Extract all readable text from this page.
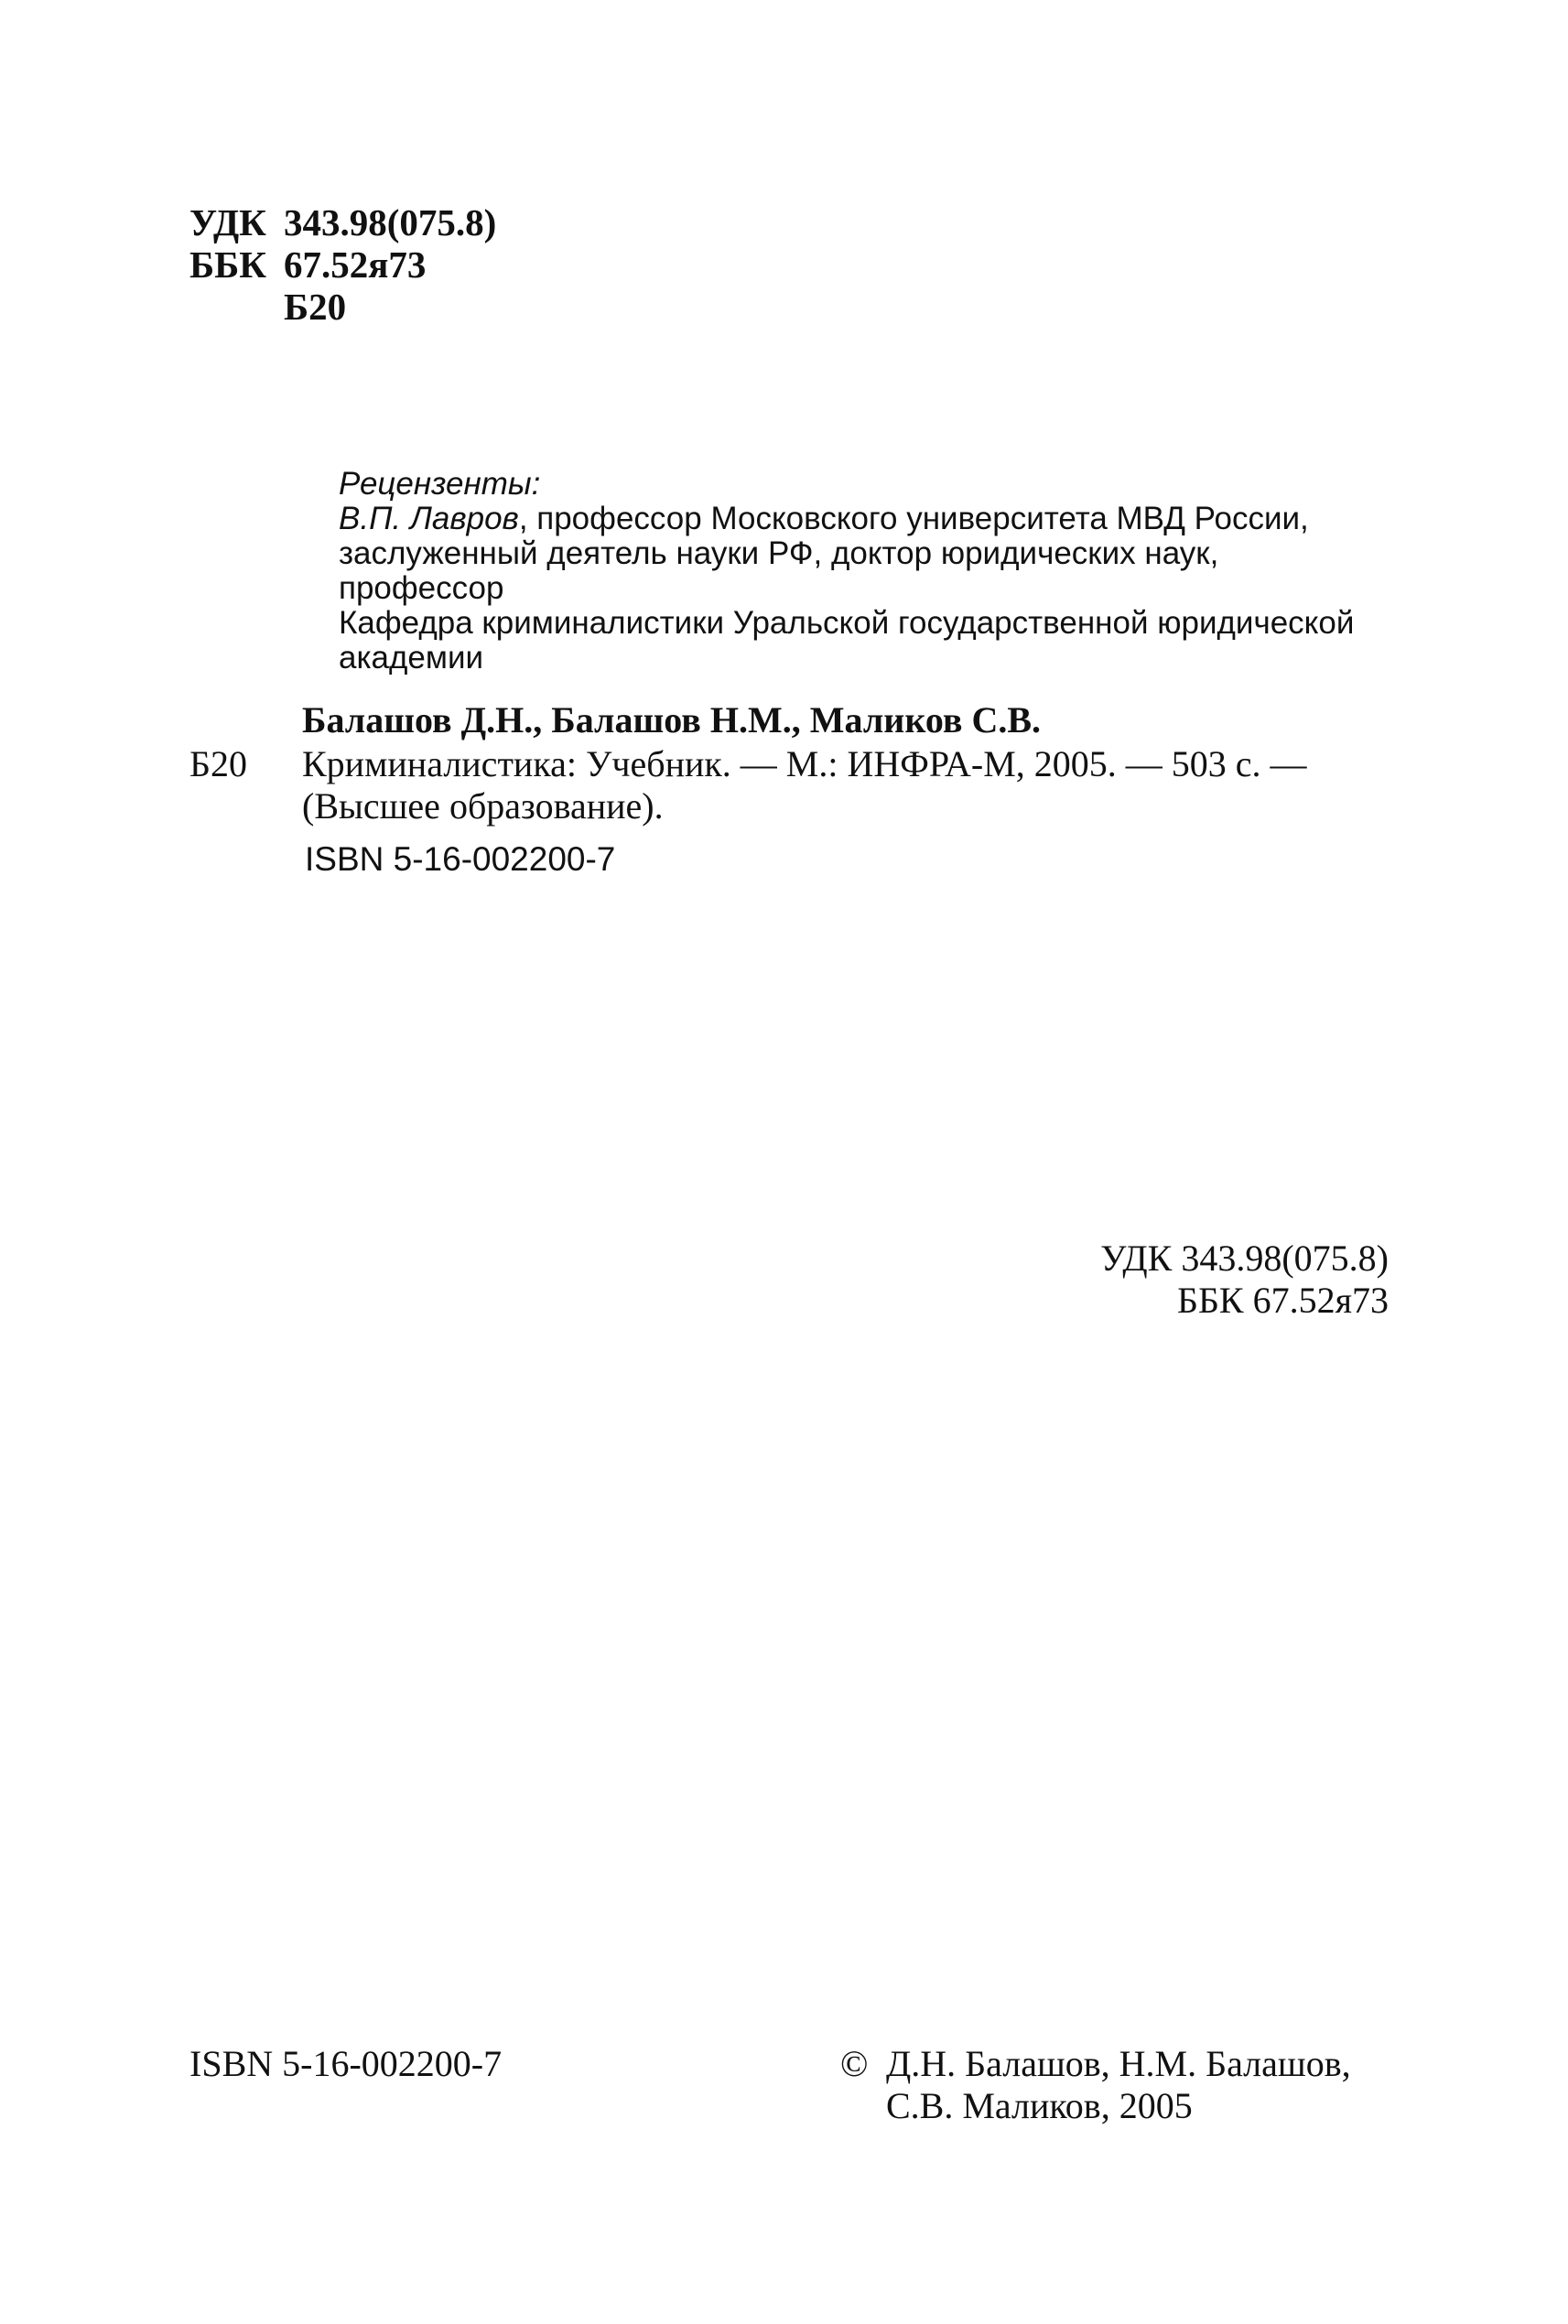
УДК 343.98(075.8)
ББК 67.52я73
Б20
Рецензенты:
В.П. Лавров, профессор Московского университета МВД России,
заслуженный деятель науки РФ, доктор юридических наук,
профессор
Кафедра криминалистики Уральской государственной юридической
академии
Балашов Д.Н., Балашов Н.М., Маликов С.В.
Б20 Криминалистика: Учебник. — М.: ИНФРА-М, 2005. — 503 с. —
(Высшее образование).
ISBN 5-16-002200-7
УДК 343.98(075.8)
ББК 67.52я73
ISBN 5-16-002200-7	© Д.Н. Балашов, Н.М. Балашов,
С.В. Маликов, 2005
